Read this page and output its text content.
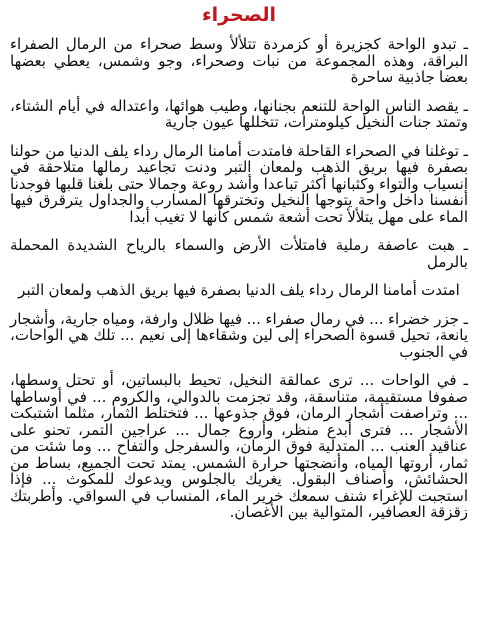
الصحراء

ـ تبدو الواحة كجزيرة أو كزمردة تتلألأ وسط صحراء من الرمال الصفراء البراقة، وهذه المجموعة من نبات وصحراء، وجو وشمس، يعطي بعضها بعضا جاذبية ساحرة

ـ يقصد الناس الواحة للتنعم بجنانها، وطيب هوائها، واعتداله في أيام الشتاء، وتمتد جنات النخيل كيلومترات، تتخللها عيون جارية

ـ توغلنا في الصحراء القاحلة فامتدت أمامنا الرمال رداء يلف الدنيا من حولنا بصفرة فيها بريق الذهب ولمعان التبر ودنت تجاعيد رمالها متلاحقة في انسياب والتواء وكثبانها أكثر تباعدا وأشد روعة وجمالا حتى بلغنا قلبها فوجدنا أنفسنا داخل واحة يتوجها النخيل وتخترقها المسارب والجداول يترقرق فيها الماء على مهل يتلألأ تحت أشعة شمس كأنها لا تغيب أبدا

ـ هبت عاصفة رملية فامتلأت الأرض والسماء بالرياح الشديدة المحملة بالرمل

امتدت أمامنا الرمال رداء يلف الدنيا بصفرة فيها بريق الذهب ولمعان التبر

ـ جزر خضراء ... في رمال صفراء ... فيها ظلال وارفة، ومياه جارية، وأشجار يانعة، تحيل قسوة الصحراء إلى لين وشقاءها إلى نعيم ... تلك هي الواحات، في الجنوب

ـ في الواحات ... ترى عمالقة النخيل، تحيط بالبساتين، أو تحتل وسطها، صفوفا مستقيمة، متناسقة، وقد تجزمت بالدوالي، والكروم ... في أوساطها ... وتراصفت أشجار الرمان، فوق جذوعها ... فتختلط الثمار، مثلما اشتبكت الأشجار ... فترى أبدع منظر، وأروع جمال ... عراجين التمر، تحنو على عناقيد العنب ... المتدلية فوق الرمان، والسفرجل والتفاح ... وما شئت من ثمار، أروتها المياه، وأنضجتها حرارة الشمس. يمتد تحت الجميع، بساط من الحشائش، وأصناف البقول. يغريك بالجلوس ويدعوك للمكوث ... فإذا استجبت للإغراء شنف سمعك خرير الماء، المنساب في السواقي. وأطربتك زقزقة العصافير، المتوالية بين الأغصان.
